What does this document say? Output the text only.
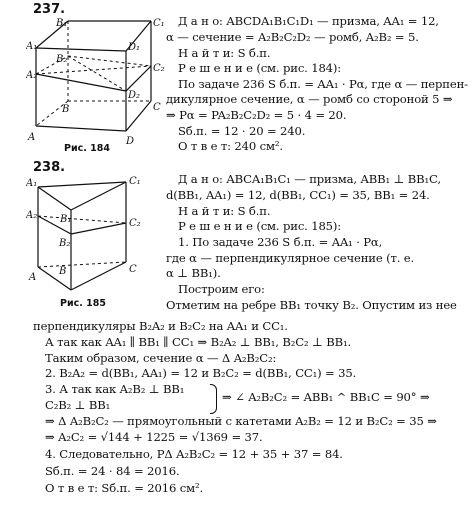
237.
A₁
B₁	C₁
D₁
A₂
B₂
C₂
D₂
A
B	C
D
Рис. 184
Д а н о: ABCDA₁B₁C₁D₁ — призма, AA₁ = 12,
α — сечение = A₂B₂C₂D₂ — ромб, A₂B₂ = 5.
Н а й т и: S б.п.
Р е ш е н и е (см. рис. 184):
По задаче 236 S б.п. = AA₁ · Pα, где α — перпен-
дикулярное сечение, α — ромб со стороной 5 ⇒
⇒ Pα = PA₂B₂C₂D₂ = 5 · 4 = 20.
Sб.п. = 12 · 20 = 240.
О т в е т: 240 см².
238.
A₁
B₁
C₁
A₂
B₂
C₂
A
B	C
Рис. 185
Д а н о: ABCA₁B₁C₁ — призма, ABB₁ ⊥ BB₁C,
d(BB₁, AA₁) = 12, d(BB₁, CC₁) = 35, BB₁ = 24.
Н а й т и: S б.п.
Р е ш е н и е (см. рис. 185):
1. По задаче 236 S б.п. = AA₁ · Pα,
где α — перпендикулярное сечение (т. е.
α ⊥ BB₁).
Построим его:
Отметим на ребре BB₁ точку B₂. Опустим из нее
перпендикуляры B₂A₂ и B₂C₂ на AA₁ и CC₁.
А так как AA₁ ∥ BB₁ ∥ CC₁ ⇒ B₂A₂ ⊥ BB₁, B₂C₂ ⊥ BB₁.
Таким образом, сечение α — Δ A₂B₂C₂:
2. B₂A₂ = d(BB₁, AA₁) = 12 и B₂C₂ = d(BB₁, CC₁) = 35.
3. А так как A₂B₂ ⊥ BB₁
C₂B₂ ⊥ BB₁
⇒ ∠ A₂B₂C₂ = ABB₁ ^ BB₁C = 90° ⇒
⇒ Δ A₂B₂C₂ — прямоугольный с катетами A₂B₂ = 12 и B₂C₂ = 35 ⇒
⇒ A₂C₂ = √144 + 1225 = √1369 = 37.
4. Следовательно, PΔ A₂B₂C₂ = 12 + 35 + 37 = 84.
Sб.п. = 24 · 84 = 2016.
О т в е т: Sб.п. = 2016 см².
